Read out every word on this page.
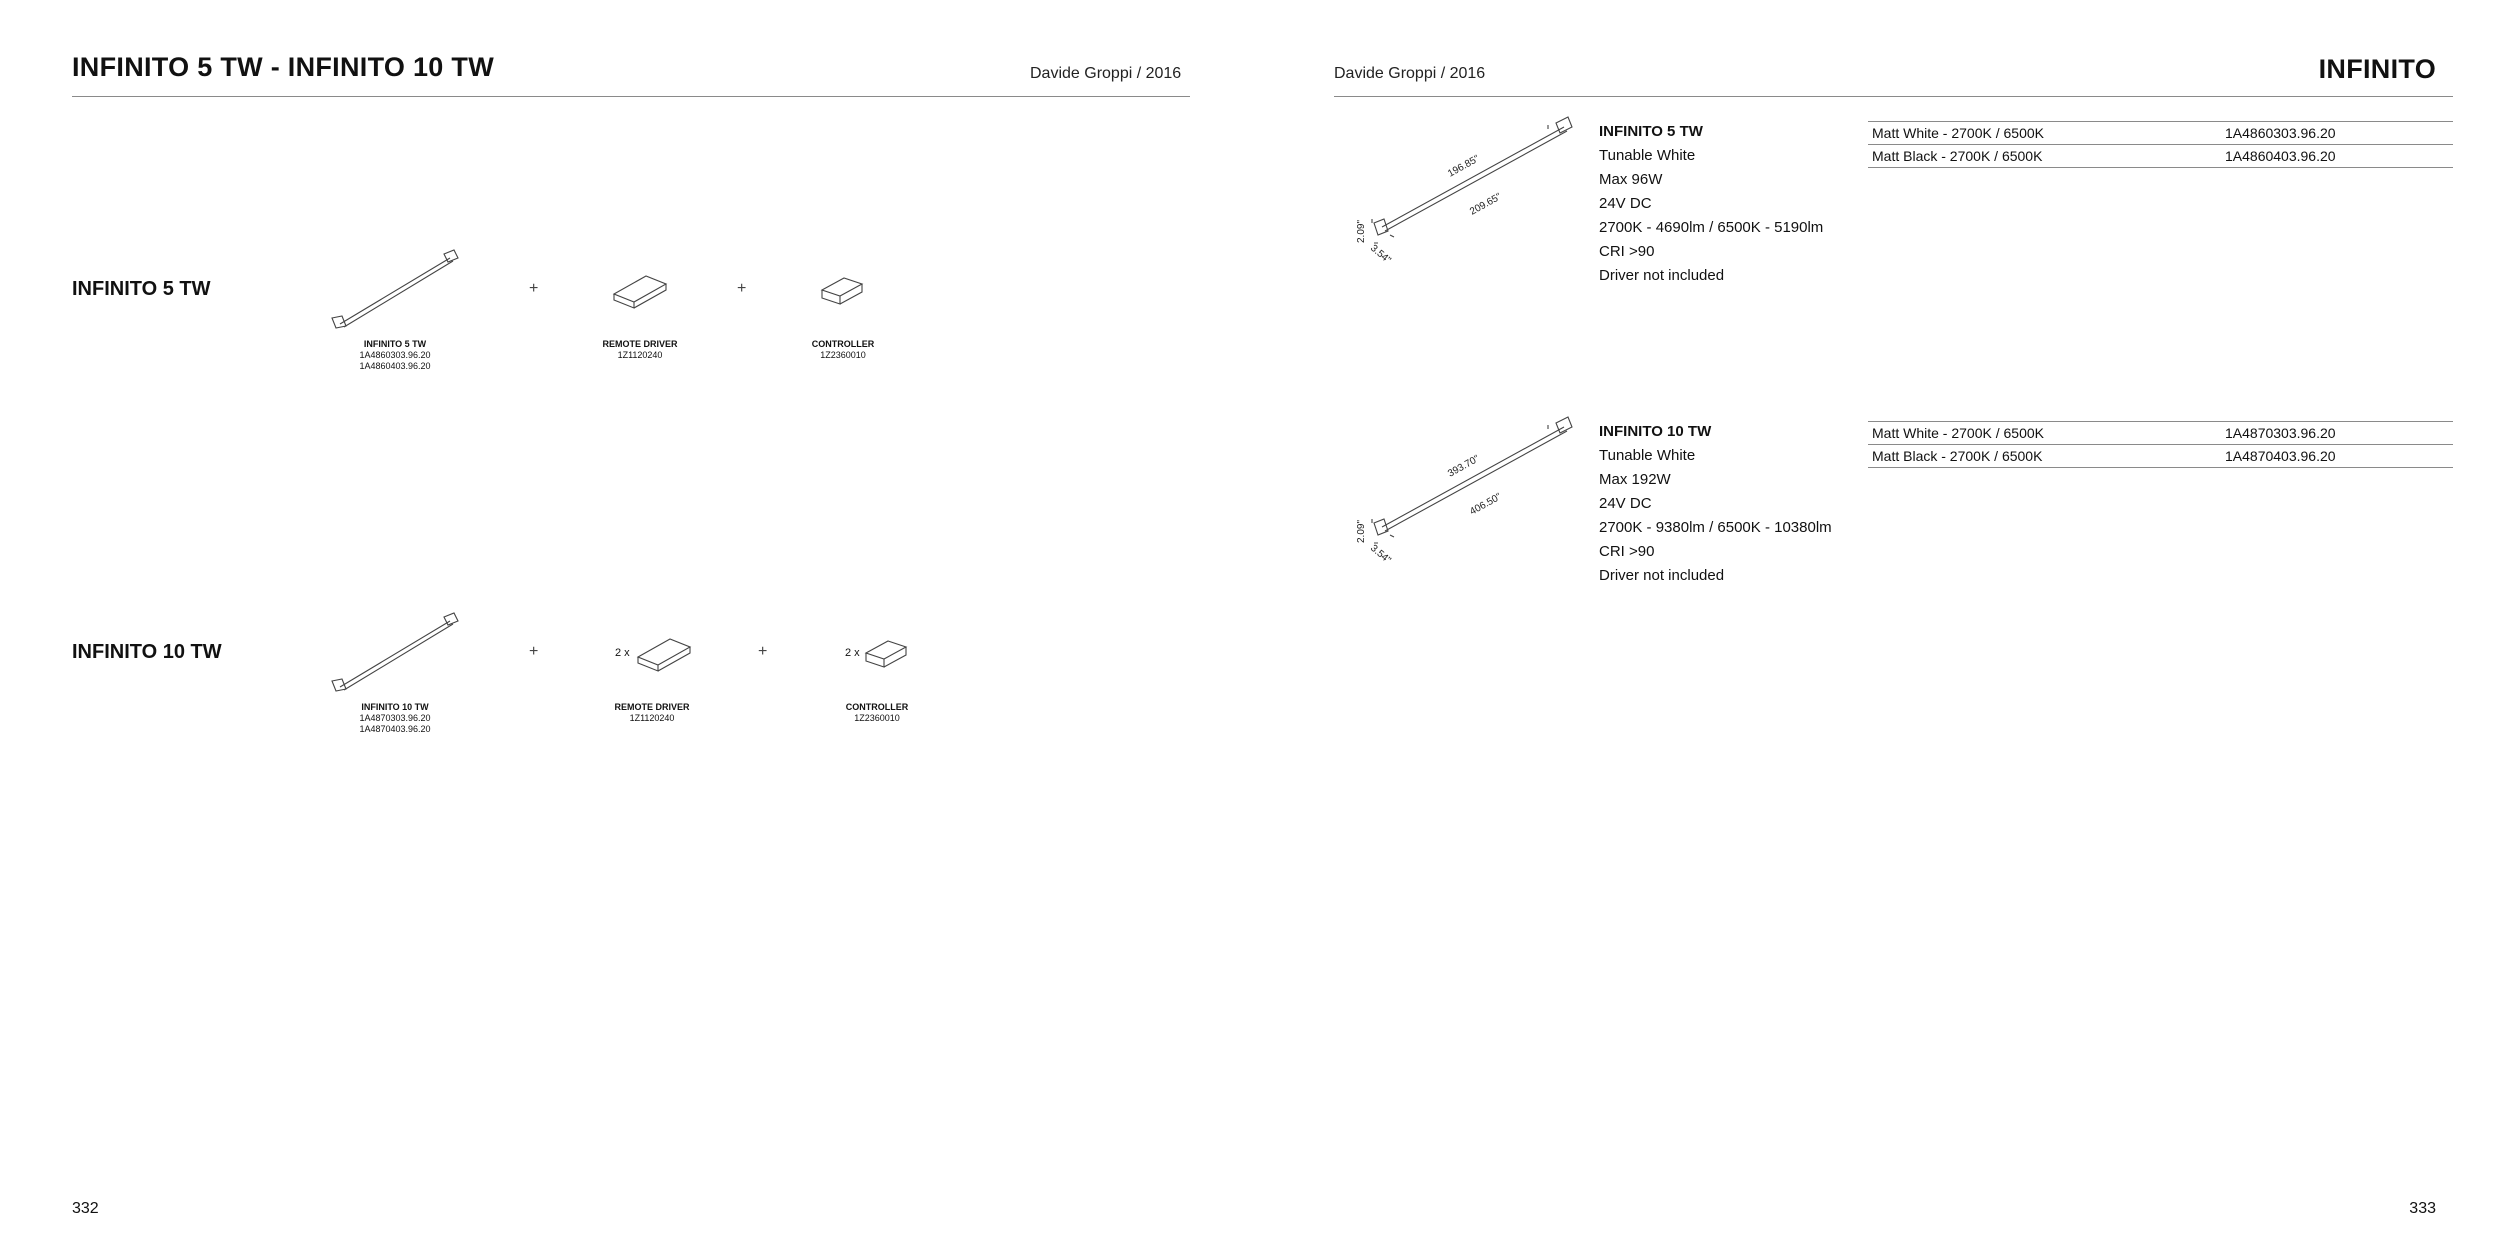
INFINITO 5 TW - INFINITO 10 TW	Davide Groppi / 2016
INFINITO 5 TW
INFINITO 5 TW
1A4860303.96.20
1A4860403.96.20
+
REMOTE DRIVER
1Z1120240
+
CONTROLLER
1Z2360010
INFINITO 10 TW
INFINITO 10 TW
1A4870303.96.20
1A4870403.96.20
+	2 x
REMOTE DRIVER
1Z1120240
+	2 x
CONTROLLER
1Z2360010
332
Davide Groppi / 2016	INFINITO
196.85"
209.65"
2.09"
3.54"
INFINITO 5 TW
Tunable White
Max 96W
24V DC
2700K - 4690lm / 6500K - 5190lm
CRI >90
Driver not included
Matt White - 2700K / 6500K	1A4860303.96.20
Matt Black - 2700K / 6500K	1A4860403.96.20
393.70"
406.50"
2.09"
3.54"
INFINITO 10 TW
Tunable White
Max 192W
24V DC
2700K - 9380lm / 6500K - 10380lm
CRI >90
Driver not included
Matt White - 2700K / 6500K	1A4870303.96.20
Matt Black - 2700K / 6500K	1A4870403.96.20
333
